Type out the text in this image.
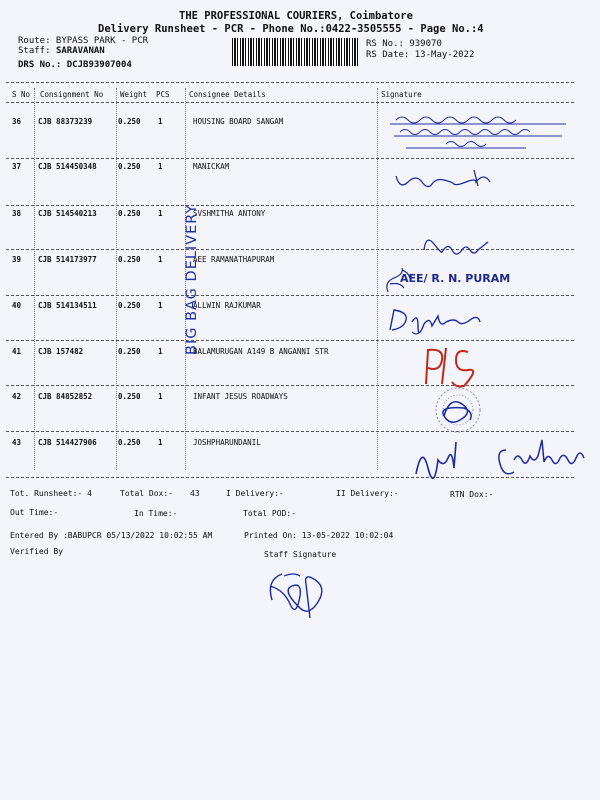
THE PROFESSIONAL COURIERS, Coimbatore
Delivery Runsheet - PCR - Phone No.:0422-3505555 - Page No.:4
Route: BYPASS PARK - PCR
Staff: SARAVANAN
DRS No.: DCJB93907004
RS No.: 939070
RS Date: 13-May-2022
S No Consignment No Weight PCS	Consignee Details	Signature
36 CJB 88373239	0.250 1	HOUSING BOARD SANGAM
37 CJB 514450348	0.250 1	MANICKAM
38 CJB 514540213	0.250 1	SVSHMITHA ANTONY
39 CJB 514173977	0.250 1	AEE RAMANATHAPURAM
40 CJB 514134511	0.250 1	ALLWIN RAJKUMAR
41 CJB 157482	0.250 1	BALAMURUGAN A149 B ANGANNI STR
42 CJB 84852852	0.250 1	INFANT JESUS ROADWAYS
43 CJB 514427906	0.250 1	JOSHPHARUNDANIL
BIG BAG DELIVERY	AEE/ R. N. PURAM
Tot. Runsheet:- 4	Total Dox:- 43	I Delivery:-	II Delivery:-	RTN Dox:-
Out Time:-	In Time:-	Total POD:-
Entered By :BABUPCR 05/13/2022 10:02:55 AM	Printed On: 13-05-2022 10:02:04
Verified By	Staff Signature
